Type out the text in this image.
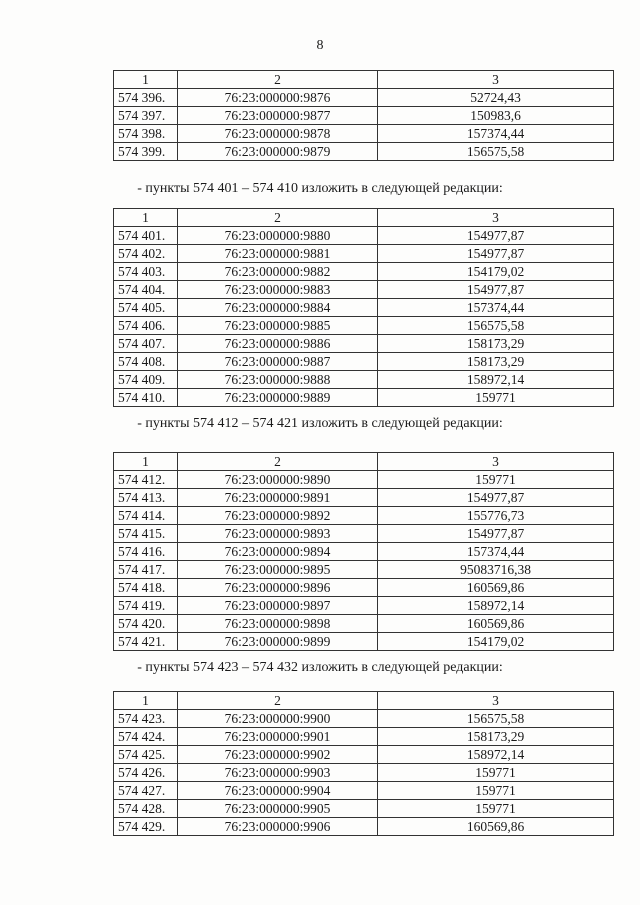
8
1	2	3
574 396.	76:23:000000:9876	52724,43
574 397.	76:23:000000:9877	150983,6
574 398.	76:23:000000:9878	157374,44
574 399.	76:23:000000:9879	156575,58
- пункты 574 401 – 574 410 изложить в следующей редакции:
1	2	3
574 401.	76:23:000000:9880	154977,87
574 402.	76:23:000000:9881	154977,87
574 403.	76:23:000000:9882	154179,02
574 404.	76:23:000000:9883	154977,87
574 405.	76:23:000000:9884	157374,44
574 406.	76:23:000000:9885	156575,58
574 407.	76:23:000000:9886	158173,29
574 408.	76:23:000000:9887	158173,29
574 409.	76:23:000000:9888	158972,14
574 410.	76:23:000000:9889	159771
- пункты 574 412 – 574 421 изложить в следующей редакции:
1	2	3
574 412.	76:23:000000:9890	159771
574 413.	76:23:000000:9891	154977,87
574 414.	76:23:000000:9892	155776,73
574 415.	76:23:000000:9893	154977,87
574 416.	76:23:000000:9894	157374,44
574 417.	76:23:000000:9895	95083716,38
574 418.	76:23:000000:9896	160569,86
574 419.	76:23:000000:9897	158972,14
574 420.	76:23:000000:9898	160569,86
574 421.	76:23:000000:9899	154179,02
- пункты 574 423 – 574 432 изложить в следующей редакции:
1	2	3
574 423.	76:23:000000:9900	156575,58
574 424.	76:23:000000:9901	158173,29
574 425.	76:23:000000:9902	158972,14
574 426.	76:23:000000:9903	159771
574 427.	76:23:000000:9904	159771
574 428.	76:23:000000:9905	159771
574 429.	76:23:000000:9906	160569,86
